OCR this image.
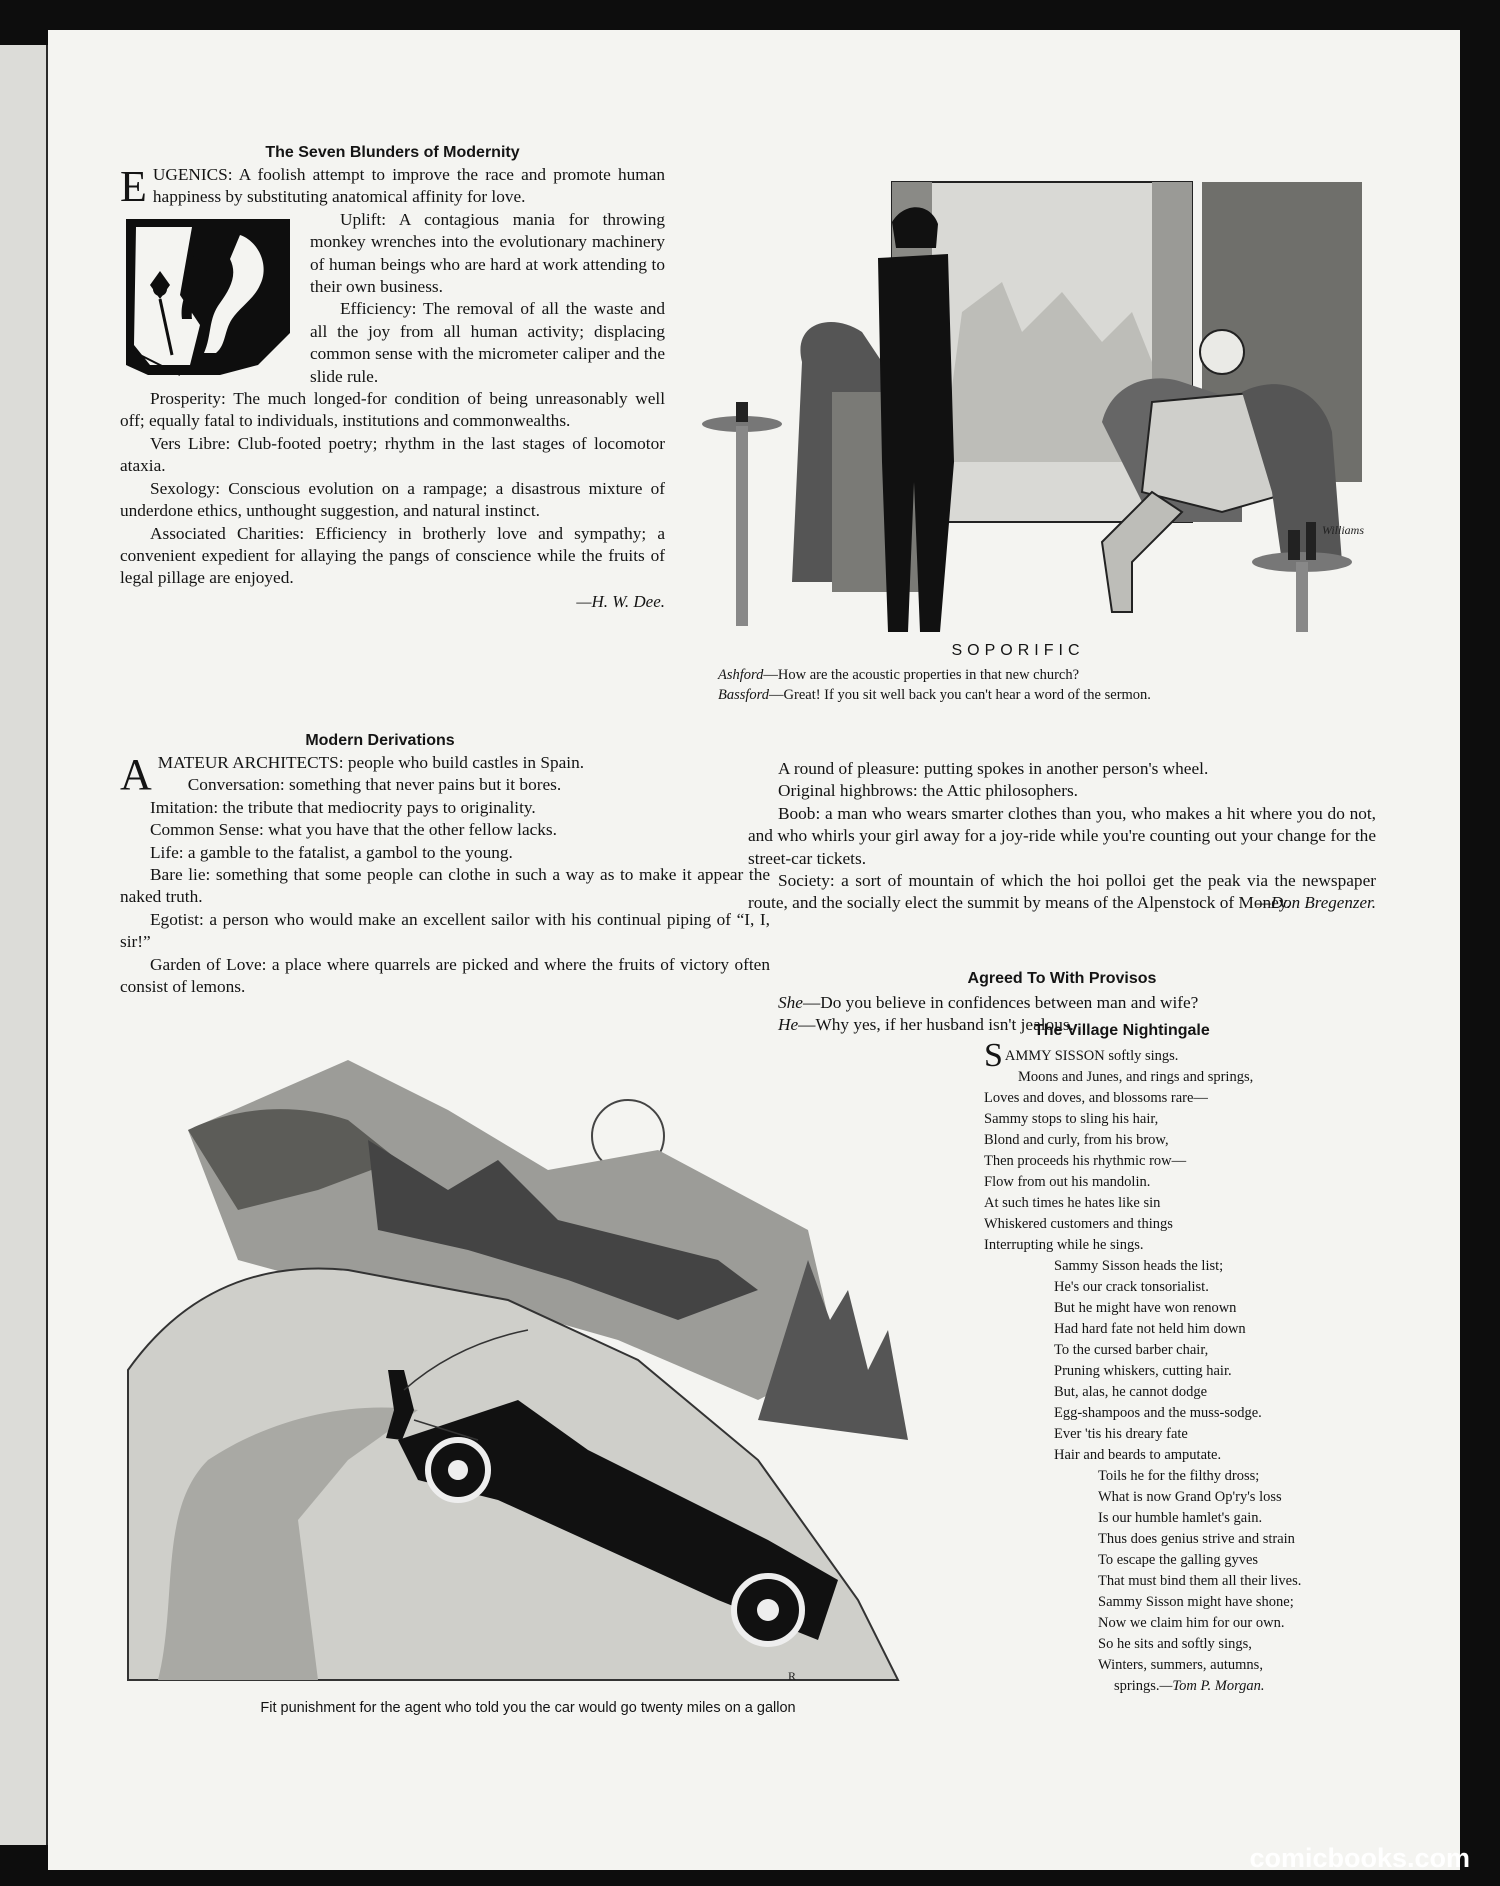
The Seven Blunders of Modernity

EUGENICS: A foolish attempt to improve the race and promote human happiness by substituting anatomical affinity for love.

Uplift: A contagious mania for throwing monkey wrenches into the evolutionary machinery of human beings who are hard at work attending to their own business.

Efficiency: The removal of all the waste and all the joy from all human activity; displacing common sense with the micrometer caliper and the slide rule.

Prosperity: The much longed-for condition of being unreasonably well off; equally fatal to individuals, institutions and commonwealths.

Vers Libre: Club-footed poetry; rhythm in the last stages of locomotor ataxia.

Sexology: Conscious evolution on a rampage; a disastrous mixture of underdone ethics, unthought suggestion, and natural instinct.

Associated Charities: Efficiency in brotherly love and sympathy; a convenient expedient for allaying the pangs of conscience while the fruits of legal pillage are enjoyed.

—H. W. Dee.

Williams
SOPORIFIC
Ashford—How are the acoustic properties in that new church?
Bassford—Great! If you sit well back you can't hear a word of the sermon.
Modern Derivations

AMATEUR ARCHITECTS: people who build castles in Spain.

Conversation: something that never pains but it bores.

Imitation: the tribute that mediocrity pays to originality.

Common Sense: what you have that the other fellow lacks.

Life: a gamble to the fatalist, a gambol to the young.

Bare lie: something that some people can clothe in such a way as to make it appear the naked truth.

Egotist: a person who would make an excellent sailor with his continual piping of “I, I, sir!”

Garden of Love: a place where quarrels are picked and where the fruits of victory often consist of lemons.

A round of pleasure: putting spokes in another person's wheel.

Original highbrows: the Attic philosophers.

Boob: a man who wears smarter clothes than you, who makes a hit where you do not, and who whirls your girl away for a joy-ride while you're counting out your change for the street-car tickets.

Society: a sort of mountain of which the hoi polloi get the peak via the newspaper route, and the socially elect the summit by means of the Alpenstock of Money.

—Don Bregenzer.

Agreed To With Provisos

She—Do you believe in confidences between man and wife?

He—Why yes, if her husband isn't jealous.

R
Fit punishment for the agent who told you the car would go twenty miles on a gallon
The Village Nightingale
SAMMY SISSON softly sings.
Moons and Junes, and rings and springs,
Loves and doves, and blossoms rare—
Sammy stops to sling his hair,
Blond and curly, from his brow,
Then proceeds his rhythmic row—
Flow from out his mandolin.
At such times he hates like sin
Whiskered customers and things
Interrupting while he sings.
Sammy Sisson heads the list;
He's our crack tonsorialist.
But he might have won renown
Had hard fate not held him down
To the cursed barber chair,
Pruning whiskers, cutting hair.
But, alas, he cannot dodge
Egg-shampoos and the muss-sodge.
Ever 'tis his dreary fate
Hair and beards to amputate.
Toils he for the filthy dross;
What is now Grand Op'ry's loss
Is our humble hamlet's gain.
Thus does genius strive and strain
To escape the galling gyves
That must bind them all their lives.
Sammy Sisson might have shone;
Now we claim him for our own.
So he sits and softly sings,
Winters, summers, autumns,
springs.—Tom P. Morgan.
comicbooks.com
